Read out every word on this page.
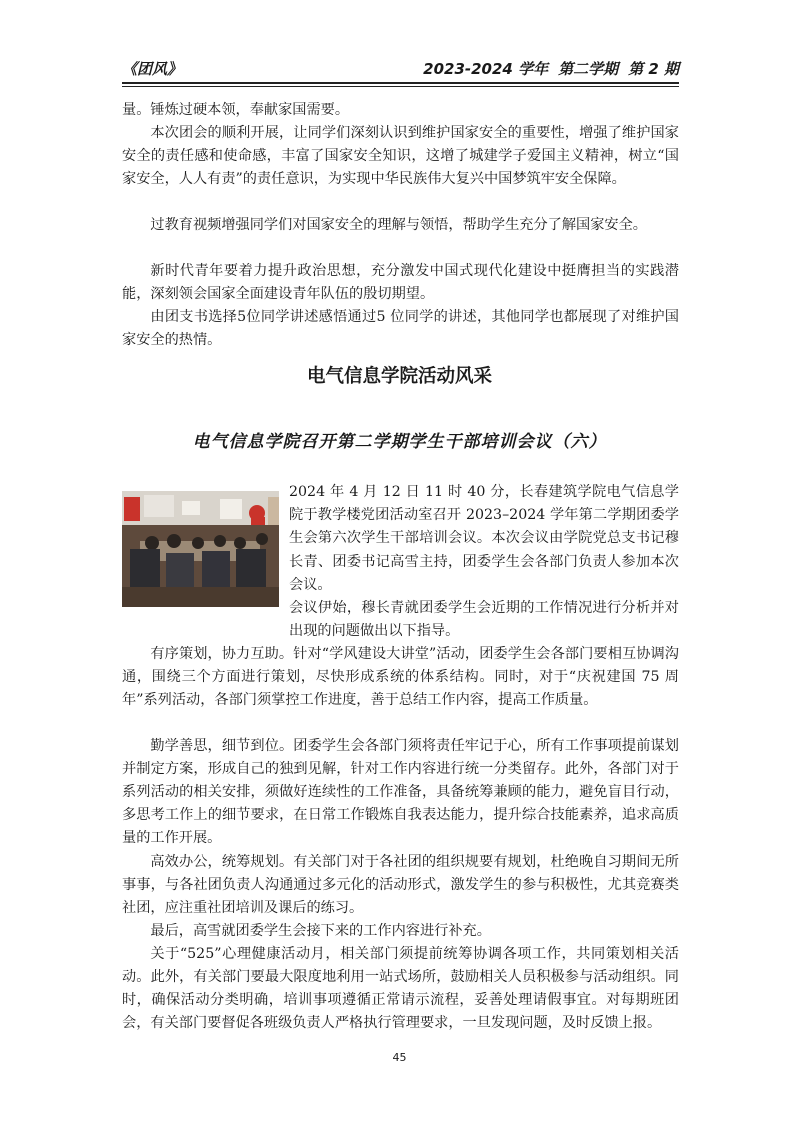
《团风》	2023-2024 学年 第二学期 第 2 期

量。锤炼过硬本领，奉献家国需要。

本次团会的顺利开展，让同学们深刻认识到维护国家安全的重要性，增强了维护国家安全的责任感和使命感，丰富了国家安全知识，这增了城建学子爱国主义精神，树立“国家安全，人人有责”的责任意识，为实现中华民族伟大复兴中国梦筑牢安全保障。

过教育视频增强同学们对国家安全的理解与领悟，帮助学生充分了解国家安全。

新时代青年要着力提升政治思想，充分激发中国式现代化建设中挺膺担当的实践潜能，深刻领会国家全面建设青年队伍的殷切期望。

由团支书选择5位同学讲述感悟通过5 位同学的讲述，其他同学也都展现了对维护国家安全的热情。

电气信息学院活动风采
电气信息学院召开第二学期学生干部培训会议（六）

2024 年 4 月 12 日 11 时 40 分，长春建筑学院电气信息学院于教学楼党团活动室召开 2023–2024 学年第二学期团委学生会第六次学生干部培训会议。本次会议由学院党总支书记穆长青、团委书记高雪主持，团委学生会各部门负责人参加本次会议。

会议伊始，穆长青就团委学生会近期的工作情况进行分析并对出现的问题做出以下指导。

有序策划，协力互助。针对“学风建设大讲堂”活动，团委学生会各部门要相互协调沟通，围绕三个方面进行策划，尽快形成系统的体系结构。同时，对于“庆祝建国 75 周年”系列活动，各部门须掌控工作进度，善于总结工作内容，提高工作质量。

勤学善思，细节到位。团委学生会各部门须将责任牢记于心，所有工作事项提前谋划并制定方案，形成自己的独到见解，针对工作内容进行统一分类留存。此外，各部门对于系列活动的相关安排，须做好连续性的工作准备，具备统筹兼顾的能力，避免盲目行动，多思考工作上的细节要求，在日常工作锻炼自我表达能力，提升综合技能素养，追求高质量的工作开展。

高效办公，统筹规划。有关部门对于各社团的组织规要有规划，杜绝晚自习期间无所事事，与各社团负责人沟通通过多元化的活动形式，激发学生的参与积极性，尤其竞赛类社团，应注重社团培训及课后的练习。

最后，高雪就团委学生会接下来的工作内容进行补充。

关于“525”心理健康活动月，相关部门须提前统筹协调各项工作，共同策划相关活动。此外，有关部门要最大限度地利用一站式场所，鼓励相关人员积极参与活动组织。同时，确保活动分类明确，培训事项遵循正常请示流程，妥善处理请假事宜。对每期班团会，有关部门要督促各班级负责人严格执行管理要求，一旦发现问题，及时反馈上报。

45
